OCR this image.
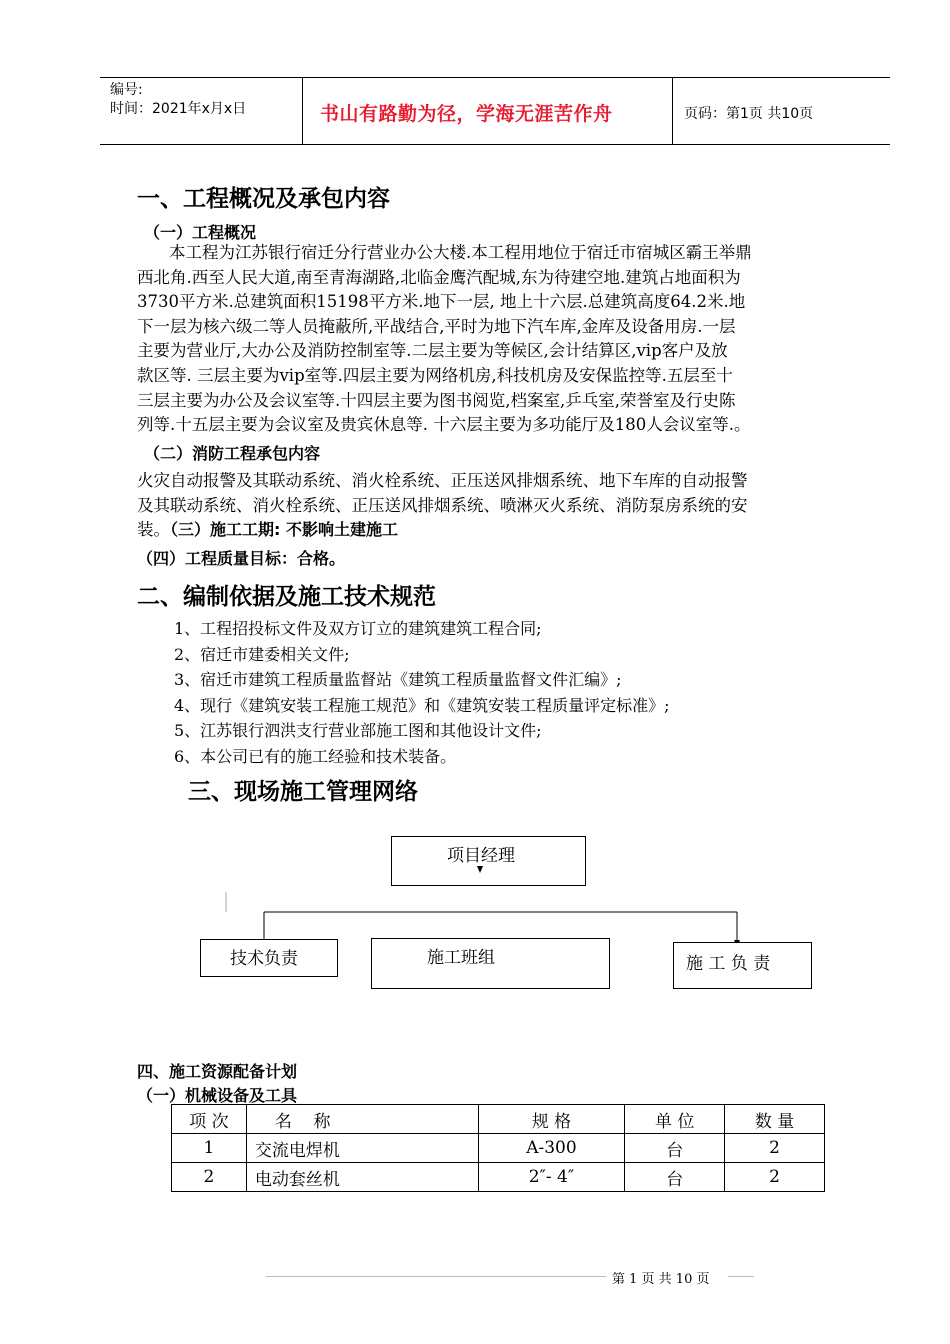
编号:
时间：2021年x月x日	书山有路勤为径，学海无涯苦作舟	页码：第1页 共10页
一、工程概况及承包内容
（一）工程概况
本工程为江苏银行宿迁分行营业办公大楼.本工程用地位于宿迁市宿城区霸王举鼎
西北角.西至人民大道,南至青海湖路,北临金鹰汽配城,东为待建空地.建筑占地面积为
3730平方米.总建筑面积15198平方米.地下一层, 地上十六层.总建筑高度64.2米.地
下一层为核六级二等人员掩蔽所,平战结合,平时为地下汽车库,金库及设备用房.一层
主要为营业厅,大办公及消防控制室等.二层主要为等候区,会计结算区,vip客户及放
款区等. 三层主要为vip室等.四层主要为网络机房,科技机房及安保监控等.五层至十
三层主要为办公及会议室等.十四层主要为图书阅览,档案室,乒乓室,荣誉室及行史陈
列等.十五层主要为会议室及贵宾休息等. 十六层主要为多功能厅及180人会议室等.。
（二）消防工程承包内容
火灾自动报警及其联动系统、消火栓系统、正压送风排烟系统、地下车库的自动报警
及其联动系统、消火栓系统、正压送风排烟系统、喷淋灭火系统、消防泵房系统的安
装。（三）施工工期: 不影响土建施工
（四）工程质量目标：合格。
二、编制依据及施工技术规范
1、工程招投标文件及双方订立的建筑建筑工程合同;
2、宿迁市建委相关文件;
3、宿迁市建筑工程质量监督站《建筑工程质量监督文件汇编》;
4、现行《建筑安装工程施工规范》和《建筑安装工程质量评定标准》;
5、江苏银行泗洪支行营业部施工图和其他设计文件;
6、本公司已有的施工经验和技术装备。
三、现场施工管理网络
项目经理
技术负责	施工班组	施 工 负 责
四、施工资源配备计划
（一）机械设备及工具
项 次	名    称	规 格	单 位	数 量
1	交流电焊机	A-300	台	2
2	电动套丝机	2″- 4″	台	2
第 1 页 共 10 页
